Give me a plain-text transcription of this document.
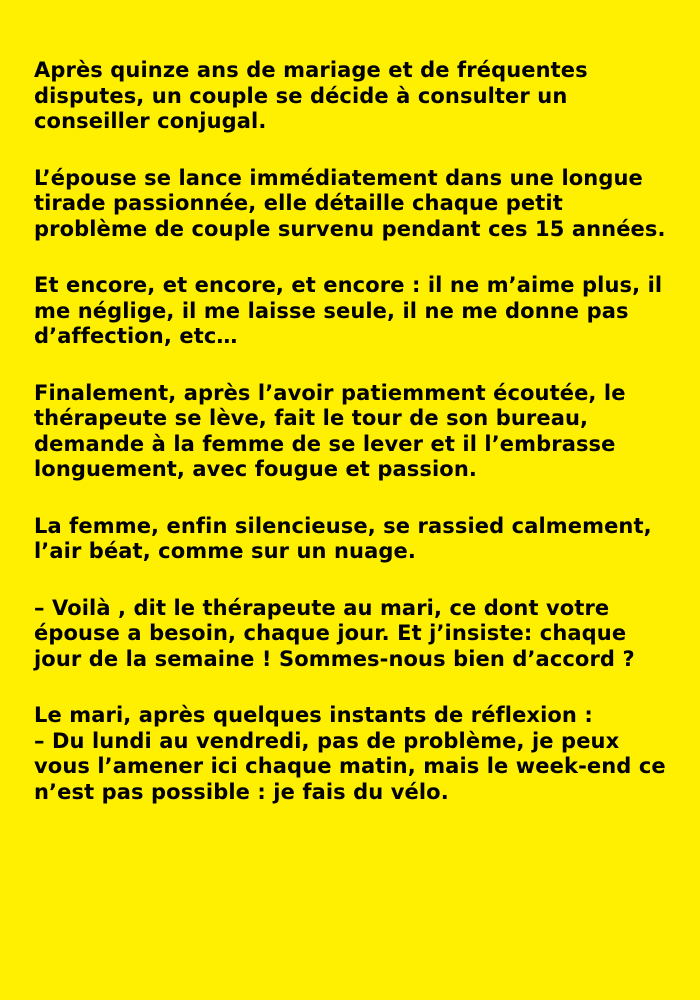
Après quinze ans de mariage et de fréquentes disputes, un couple se décide à consulter un conseiller conjugal.

L’épouse se lance immédiatement dans une longue tirade passionnée, elle détaille chaque petit problème de couple survenu pendant ces 15 années.

Et encore, et encore, et encore : il ne m’aime plus, il me néglige, il me laisse seule, il ne me donne pas d’affection, etc…

Finalement, après l’avoir patiemment écoutée, le thérapeute se lève, fait le tour de son bureau, demande à la femme de se lever et il l’embrasse longuement, avec fougue et passion.

La femme, enfin silencieuse, se rassied calmement, l’air béat, comme sur un nuage.

– Voilà , dit le thérapeute au mari, ce dont votre épouse a besoin, chaque jour. Et j’insiste: chaque jour de la semaine ! Sommes-nous bien d’accord ?

Le mari, après quelques instants de réflexion :
– Du lundi au vendredi, pas de problème, je peux vous l’amener ici chaque matin, mais le week-end ce n’est pas possible : je fais du vélo.
